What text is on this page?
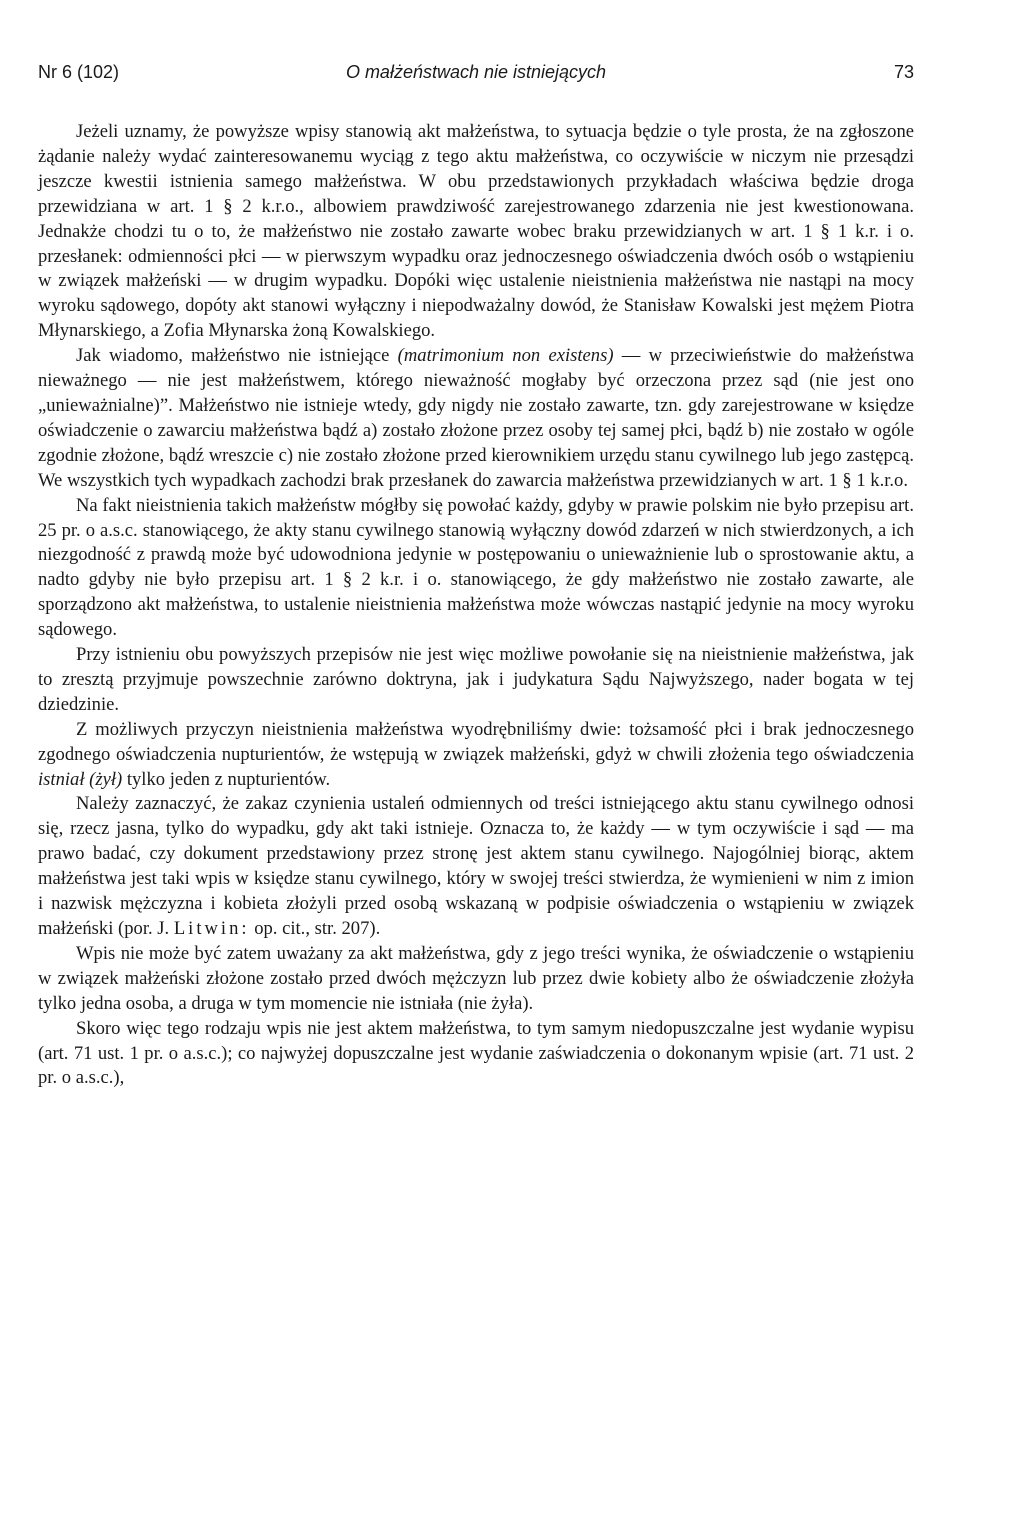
Nr 6 (102)	O małżeństwach nie istniejących	73

Jeżeli uznamy, że powyższe wpisy stanowią akt małżeństwa, to sytuacja będzie o tyle prosta, że na zgłoszone żądanie należy wydać zainteresowanemu wyciąg z tego aktu małżeństwa, co oczywiście w niczym nie przesądzi jeszcze kwestii istnienia samego małżeństwa. W obu przedstawionych przykładach właściwa będzie droga przewidziana w art. 1 § 2 k.r.o., albowiem prawdziwość zarejestrowanego zdarzenia nie jest kwestionowana. Jednakże chodzi tu o to, że małżeństwo nie zostało zawarte wobec braku przewidzianych w art. 1 § 1 k.r. i o. przesłanek: odmienności płci — w pierwszym wypadku oraz jednoczesnego oświadczenia dwóch osób o wstąpieniu w związek małżeński — w drugim wypadku. Dopóki więc ustalenie nieistnienia małżeństwa nie nastąpi na mocy wyroku sądowego, dopóty akt stanowi wyłączny i niepodważalny dowód, że Stanisław Kowalski jest mężem Piotra Młynarskiego, a Zofia Młynarska żoną Kowalskiego.

Jak wiadomo, małżeństwo nie istniejące (matrimonium non existens) — w przeciwieństwie do małżeństwa nieważnego — nie jest małżeństwem, którego nieważność mogłaby być orzeczona przez sąd (nie jest ono „unieważnialne)”. Małżeństwo nie istnieje wtedy, gdy nigdy nie zostało zawarte, tzn. gdy zarejestrowane w księdze oświadczenie o zawarciu małżeństwa bądź a) zostało złożone przez osoby tej samej płci, bądź b) nie zostało w ogóle zgodnie złożone, bądź wreszcie c) nie zostało złożone przed kierownikiem urzędu stanu cywilnego lub jego zastępcą. We wszystkich tych wypadkach zachodzi brak przesłanek do zawarcia małżeństwa przewidzianych w art. 1 § 1 k.r.o.

Na fakt nieistnienia takich małżeństw mógłby się powołać każdy, gdyby w prawie polskim nie było przepisu art. 25 pr. o a.s.c. stanowiącego, że akty stanu cywilnego stanowią wyłączny dowód zdarzeń w nich stwierdzonych, a ich niezgodność z prawdą może być udowodniona jedynie w postępowaniu o unieważnienie lub o sprostowanie aktu, a nadto gdyby nie było przepisu art. 1 § 2 k.r. i o. stanowiącego, że gdy małżeństwo nie zostało zawarte, ale sporządzono akt małżeństwa, to ustalenie nieistnienia małżeństwa może wówczas nastąpić jedynie na mocy wyroku sądowego.

Przy istnieniu obu powyższych przepisów nie jest więc możliwe powołanie się na nieistnienie małżeństwa, jak to zresztą przyjmuje powszechnie zarówno doktryna, jak i judykatura Sądu Najwyższego, nader bogata w tej dziedzinie.

Z możliwych przyczyn nieistnienia małżeństwa wyodrębniliśmy dwie: tożsamość płci i brak jednoczesnego zgodnego oświadczenia nupturientów, że wstępują w związek małżeński, gdyż w chwili złożenia tego oświadczenia istniał (żył) tylko jeden z nupturientów.

Należy zaznaczyć, że zakaz czynienia ustaleń odmiennych od treści istniejącego aktu stanu cywilnego odnosi się, rzecz jasna, tylko do wypadku, gdy akt taki istnieje. Oznacza to, że każdy — w tym oczywiście i sąd — ma prawo badać, czy dokument przedstawiony przez stronę jest aktem stanu cywilnego. Najogólniej biorąc, aktem małżeństwa jest taki wpis w księdze stanu cywilnego, który w swojej treści stwierdza, że wymienieni w nim z imion i nazwisk mężczyzna i kobieta złożyli przed osobą wskazaną w podpisie oświadczenia o wstąpieniu w związek małżeński (por. J. Litwin: op. cit., str. 207).

Wpis nie może być zatem uważany za akt małżeństwa, gdy z jego treści wynika, że oświadczenie o wstąpieniu w związek małżeński złożone zostało przed dwóch mężczyzn lub przez dwie kobiety albo że oświadczenie złożyła tylko jedna osoba, a druga w tym momencie nie istniała (nie żyła).

Skoro więc tego rodzaju wpis nie jest aktem małżeństwa, to tym samym niedopuszczalne jest wydanie wypisu (art. 71 ust. 1 pr. o a.s.c.); co najwyżej dopuszczalne jest wydanie zaświadczenia o dokonanym wpisie (art. 71 ust. 2 pr. o a.s.c.),
